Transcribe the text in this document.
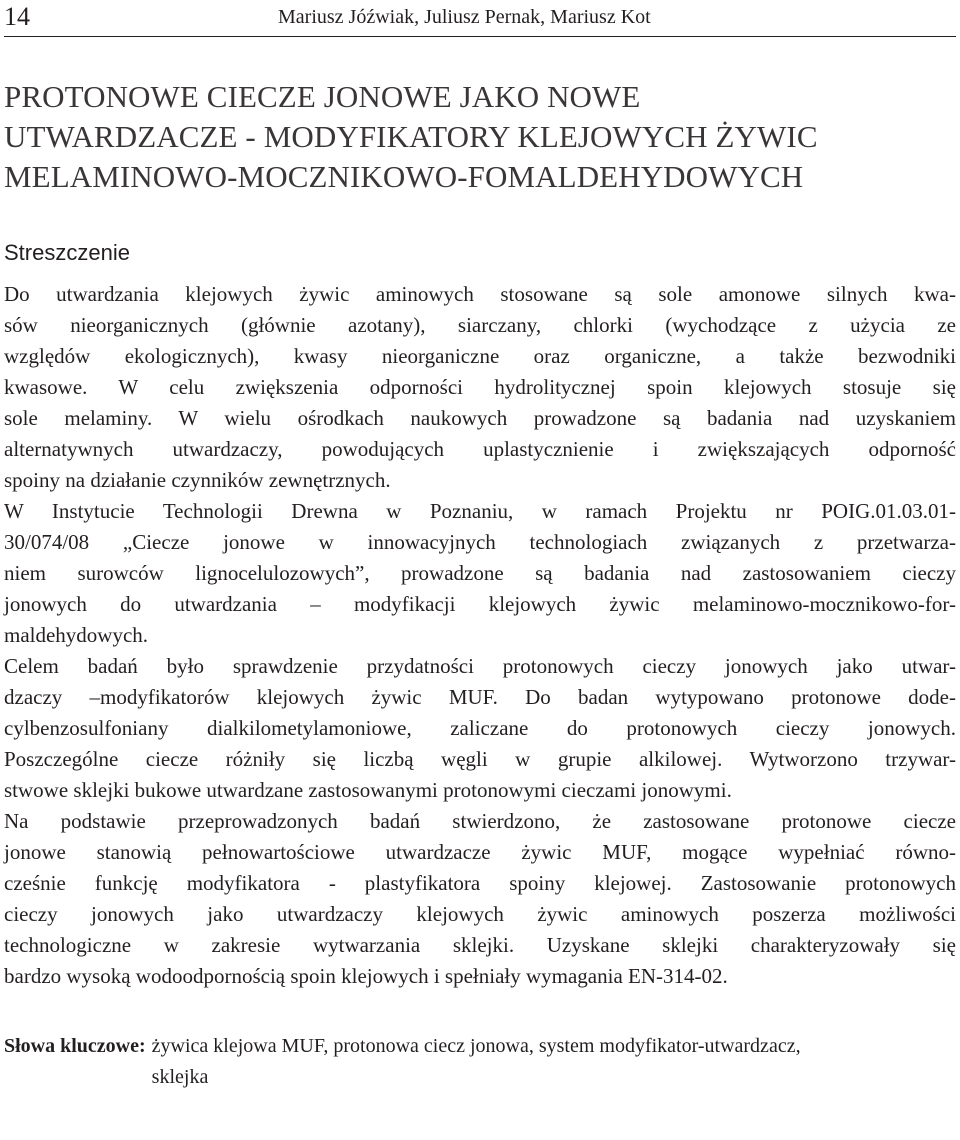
14	Mariusz Jóźwiak, Juliusz Pernak, Mariusz Kot
PROTONOWE CIECZE JONOWE JAKO NOWE
UTWARDZACZE - MODYFIKATORY KLEJOWYCH ŻYWIC
MELAMINOWO-MOCZNIKOWO-FOMALDEHYDOWYCH
Streszczenie
Do utwardzania klejowych żywic aminowych stosowane są sole amonowe silnych kwa-
sów nieorganicznych (głównie azotany), siarczany, chlorki (wychodzące z użycia ze
względów ekologicznych), kwasy nieorganiczne oraz organiczne, a także bezwodniki
kwasowe. W celu zwiększenia odporności hydrolitycznej spoin klejowych stosuje się
sole melaminy. W wielu ośrodkach naukowych prowadzone są badania nad uzyskaniem
alternatywnych utwardzaczy, powodujących uplastycznienie i zwiększających odporność
spoiny na działanie czynników zewnętrznych.
W Instytucie Technologii Drewna w Poznaniu, w ramach Projektu nr POIG.01.03.01-
30/074/08 „Ciecze jonowe w innowacyjnych technologiach związanych z przetwarza-
niem surowców lignocelulozowych”, prowadzone są badania nad zastosowaniem cieczy
jonowych do utwardzania – modyfikacji klejowych żywic melaminowo-mocznikowo-for-
maldehydowych.
Celem badań było sprawdzenie przydatności protonowych cieczy jonowych jako utwar-
dzaczy –modyfikatorów klejowych żywic MUF. Do badan wytypowano protonowe dode-
cylbenzosulfoniany dialkilometylamoniowe, zaliczane do protonowych cieczy jonowych.
Poszczególne ciecze różniły się liczbą węgli w grupie alkilowej. Wytworzono trzywar-
stwowe sklejki bukowe utwardzane zastosowanymi protonowymi cieczami jonowymi.
Na podstawie przeprowadzonych badań stwierdzono, że zastosowane protonowe ciecze
jonowe stanowią pełnowartościowe utwardzacze żywic MUF, mogące wypełniać równo-
cześnie funkcję modyfikatora - plastyfikatora spoiny klejowej. Zastosowanie protonowych
cieczy jonowych jako utwardzaczy klejowych żywic aminowych poszerza możliwości
technologiczne w zakresie wytwarzania sklejki. Uzyskane sklejki charakteryzowały się
bardzo wysoką wodoodpornością spoin klejowych i spełniały wymagania EN-314-02.
Słowa kluczowe: żywica klejowa MUF, protonowa ciecz jonowa, system modyfikator-utwardzacz,
sklejka
